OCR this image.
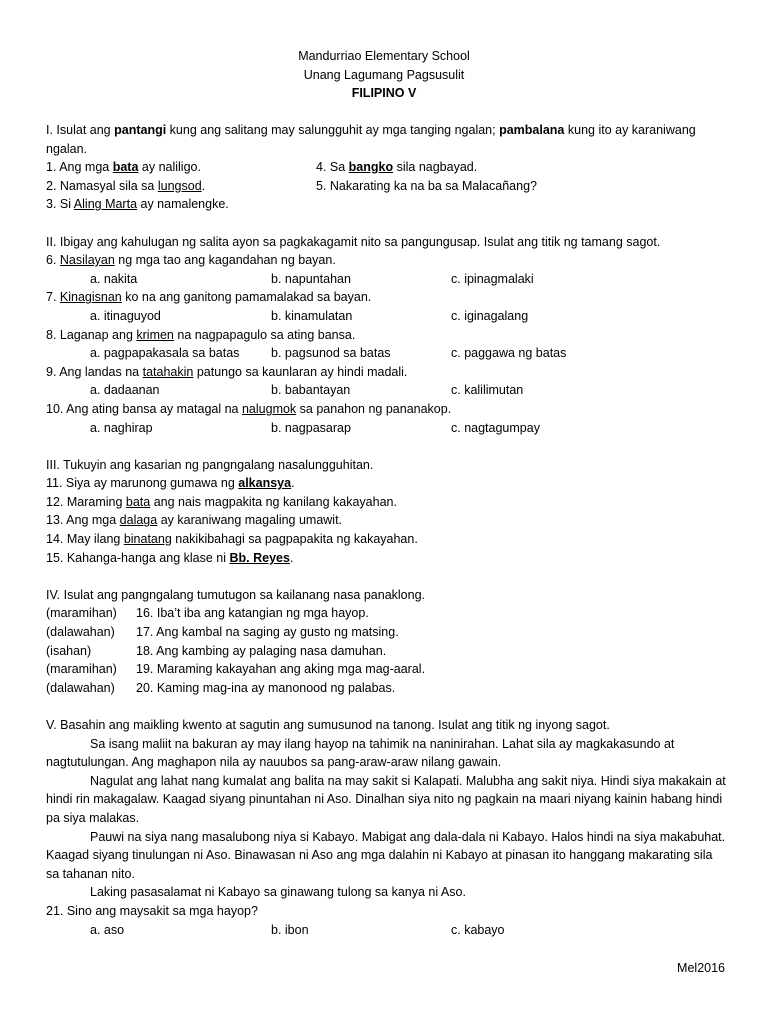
Mandurriao Elementary School
Unang Lagumang Pagsusulit
FILIPINO V
I. Isulat ang pantangi kung ang salitang may salungguhit ay mga tanging ngalan; pambalana kung ito ay karaniwang ngalan.
1. Ang mga bata ay naliligo.	4. Sa bangko sila nagbayad.
2. Namasyal sila sa lungsod.	5. Nakarating ka na ba sa Malacañang?
3. Si Aling Marta ay namalengke.
II. Ibigay ang kahulugan ng salita ayon sa pagkakagamit nito sa pangungusap. Isulat ang titik ng tamang sagot.
6. Nasilayan ng mga tao ang kagandahan ng bayan.
a. nakita	b. napuntahan	c. ipinagmalaki
7. Kinagisnan ko na ang ganitong pamamalakad sa bayan.
a. itinaguyod	b. kinamulatan	c. iginagalang
8. Laganap ang krimen na nagpapagulo sa ating bansa.
a. pagpapakasala sa batas	b. pagsunod sa batas	c. paggawa ng batas
9. Ang landas na tatahakin patungo sa kaunlaran ay hindi madali.
a. dadaanan	b. babantayan	c. kalilimutan
10. Ang ating bansa ay matagal na nalugmok sa panahon ng pananakop.
a. naghirap	b. nagpasarap	c. nagtagumpay
III. Tukuyin ang kasarian ng pangngalang nasalungguhitan.
11. Siya ay marunong gumawa ng alkansya.
12. Maraming bata ang nais magpakita ng kanilang kakayahan.
13. Ang mga dalaga ay karaniwang magaling umawit.
14. May ilang binatang nakikibahagi sa pagpapakita ng kakayahan.
15. Kahanga-hanga ang klase ni Bb. Reyes.
IV. Isulat ang pangngalang tumutugon sa kailanang nasa panaklong.
(maramihan) 16. Iba’t iba ang katangian ng mga hayop.
(dalawahan) 17. Ang kambal na saging ay gusto ng matsing.
(isahan)	18. Ang kambing ay palaging nasa damuhan.
(maramihan) 19. Maraming kakayahan ang aking mga mag-aaral.
(dalawahan) 20. Kaming mag-ina ay manonood ng palabas.
V. Basahin ang maikling kwento at sagutin ang sumusunod na tanong. Isulat ang titik ng inyong sagot.
Sa isang maliit na bakuran ay may ilang hayop na tahimik na naninirahan. Lahat sila ay magkakasundo at nagtutulungan. Ang maghapon nila ay nauubos sa pang-araw-araw nilang gawain.
Nagulat ang lahat nang kumalat ang balita na may sakit si Kalapati. Malubha ang sakit niya. Hindi siya makakain at hindi rin makagalaw. Kaagad siyang pinuntahan ni Aso. Dinalhan siya nito ng pagkain na maari niyang kainin habang hindi pa siya malakas.
Pauwi na siya nang masalubong niya si Kabayo. Mabigat ang dala-dala ni Kabayo. Halos hindi na siya makabuhat. Kaagad siyang tinulungan ni Aso. Binawasan ni Aso ang mga dalahin ni Kabayo at pinasan ito hanggang makarating sila sa tahanan nito.
Laking pasasalamat ni Kabayo sa ginawang tulong sa kanya ni Aso.
21. Sino ang maysakit sa mga hayop?
a. aso	b. ibon	c. kabayo
Mel2016
